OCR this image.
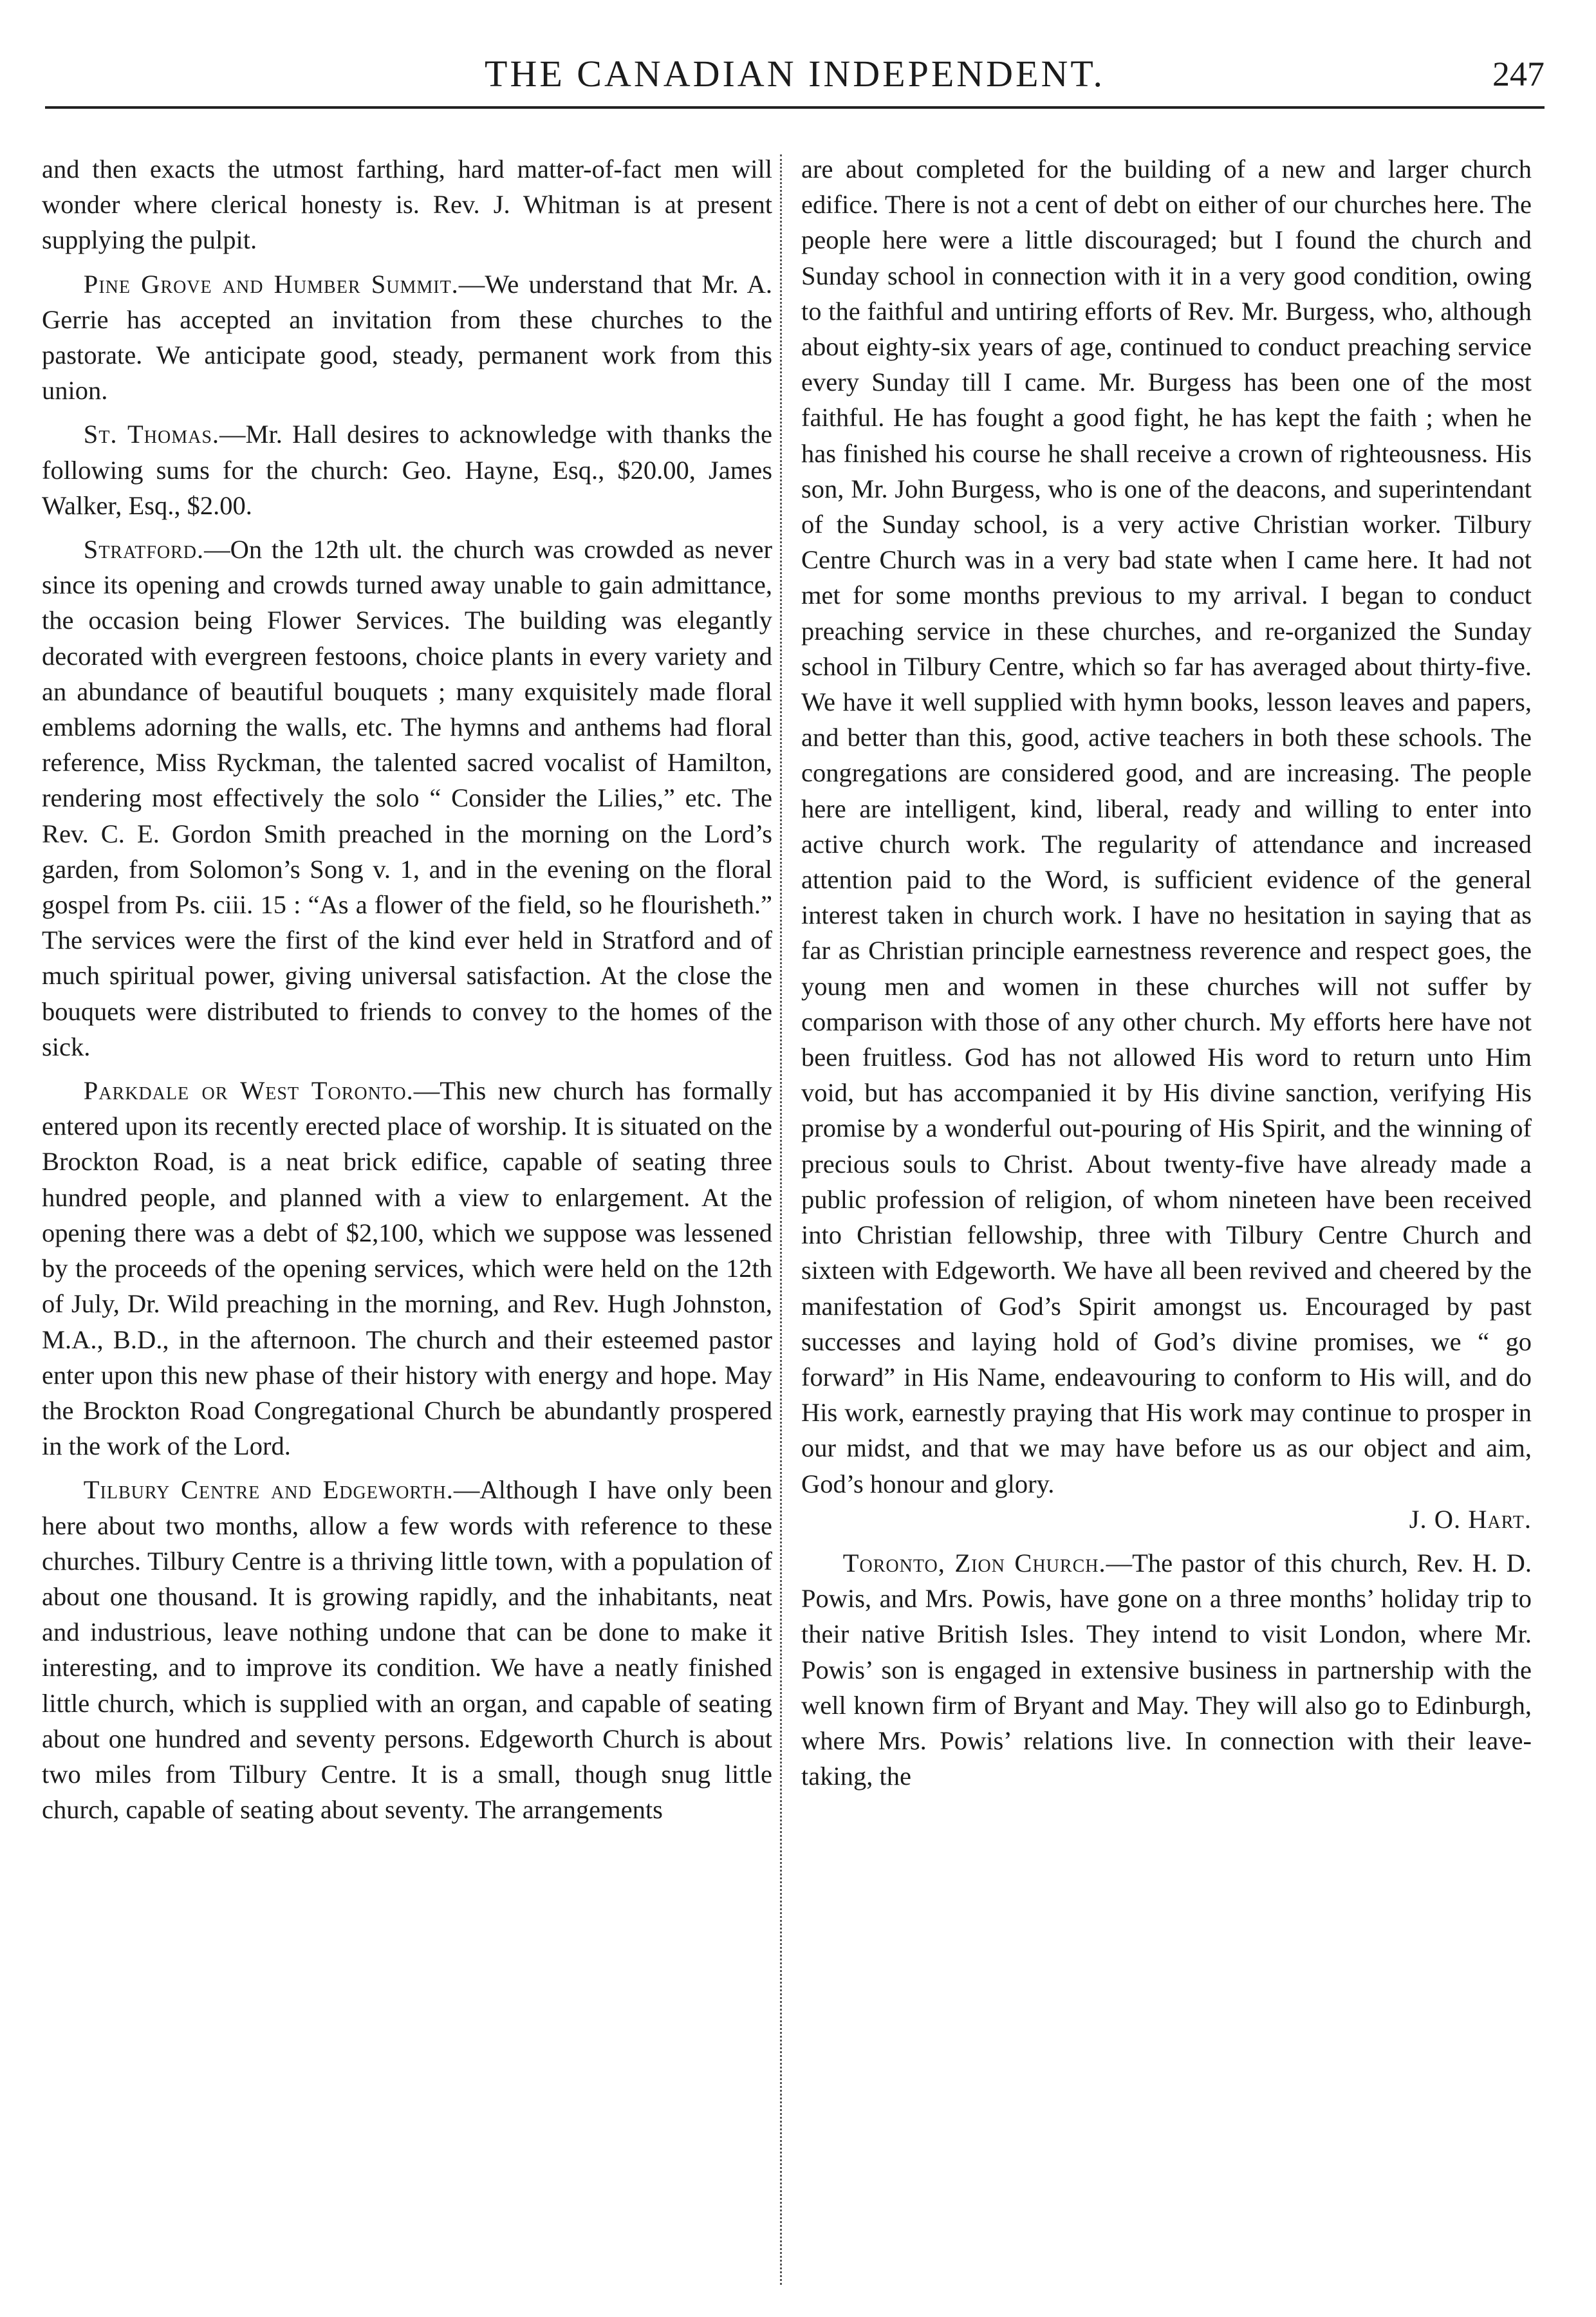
THE CANADIAN INDEPENDENT.	247

and then exacts the utmost farthing, hard matter-of-fact men will wonder where clerical honesty is. Rev. J. Whitman is at present supplying the pulpit.

Pine Grove and Humber Summit.—We understand that Mr. A. Gerrie has accepted an invitation from these churches to the pastorate. We anticipate good, steady, permanent work from this union.

St. Thomas.—Mr. Hall desires to acknowledge with thanks the following sums for the church: Geo. Hayne, Esq., $20.00, James Walker, Esq., $2.00.

Stratford.—On the 12th ult. the church was crowded as never since its opening and crowds turned away unable to gain admittance, the occasion being Flower Services. The building was elegantly decorated with evergreen festoons, choice plants in every variety and an abundance of beautiful bouquets ; many exquisitely made floral emblems adorning the walls, etc. The hymns and anthems had floral reference, Miss Ryckman, the talented sacred vocalist of Hamilton, rendering most effectively the solo “ Consider the Lilies,” etc. The Rev. C. E. Gordon Smith preached in the morning on the Lord’s garden, from Solomon’s Song v. 1, and in the evening on the floral gospel from Ps. ciii. 15 : “As a flower of the field, so he flourisheth.” The services were the first of the kind ever held in Stratford and of much spiritual power, giving universal satisfaction. At the close the bouquets were distributed to friends to convey to the homes of the sick.

Parkdale or West Toronto.—This new church has formally entered upon its recently erected place of worship. It is situated on the Brockton Road, is a neat brick edifice, capable of seating three hundred people, and planned with a view to enlargement. At the opening there was a debt of $2,100, which we suppose was lessened by the proceeds of the opening services, which were held on the 12th of July, Dr. Wild preaching in the morning, and Rev. Hugh Johnston, M.A., B.D., in the afternoon. The church and their esteemed pastor enter upon this new phase of their history with energy and hope. May the Brockton Road Congregational Church be abundantly prospered in the work of the Lord.

Tilbury Centre and Edgeworth.—Although I have only been here about two months, allow a few words with reference to these churches. Tilbury Centre is a thriving little town, with a population of about one thousand. It is growing rapidly, and the inhabitants, neat and industrious, leave nothing undone that can be done to make it interesting, and to improve its condition. We have a neatly finished little church, which is supplied with an organ, and capable of seating about one hundred and seventy persons. Edgeworth Church is about two miles from Tilbury Centre. It is a small, though snug little church, capable of seating about seventy. The arrangements

are about completed for the building of a new and larger church edifice. There is not a cent of debt on either of our churches here. The people here were a little discouraged; but I found the church and Sunday school in connection with it in a very good condition, owing to the faithful and untiring efforts of Rev. Mr. Burgess, who, although about eighty-six years of age, continued to conduct preaching service every Sunday till I came. Mr. Burgess has been one of the most faithful. He has fought a good fight, he has kept the faith ; when he has finished his course he shall receive a crown of righteousness. His son, Mr. John Burgess, who is one of the deacons, and superintendant of the Sunday school, is a very active Christian worker. Tilbury Centre Church was in a very bad state when I came here. It had not met for some months previous to my arrival. I began to conduct preaching service in these churches, and re-organized the Sunday school in Tilbury Centre, which so far has averaged about thirty-five. We have it well supplied with hymn books, lesson leaves and papers, and better than this, good, active teachers in both these schools. The congregations are considered good, and are increasing. The people here are intelligent, kind, liberal, ready and willing to enter into active church work. The regularity of attendance and increased attention paid to the Word, is sufficient evidence of the general interest taken in church work. I have no hesitation in saying that as far as Christian principle earnestness reverence and respect goes, the young men and women in these churches will not suffer by comparison with those of any other church. My efforts here have not been fruitless. God has not allowed His word to return unto Him void, but has accompanied it by His divine sanction, verifying His promise by a wonderful out-pouring of His Spirit, and the winning of precious souls to Christ. About twenty-five have already made a public profession of religion, of whom nineteen have been received into Christian fellowship, three with Tilbury Centre Church and sixteen with Edgeworth. We have all been revived and cheered by the manifestation of God’s Spirit amongst us. Encouraged by past successes and laying hold of God’s divine promises, we “ go forward” in His Name, endeavouring to conform to His will, and do His work, earnestly praying that His work may continue to prosper in our midst, and that we may have before us as our object and aim, God’s honour and glory.
J. O. Hart.

Toronto, Zion Church.—The pastor of this church, Rev. H. D. Powis, and Mrs. Powis, have gone on a three months’ holiday trip to their native British Isles. They intend to visit London, where Mr. Powis’ son is engaged in extensive business in partnership with the well known firm of Bryant and May. They will also go to Edinburgh, where Mrs. Powis’ relations live. In connection with their leave-taking, the
